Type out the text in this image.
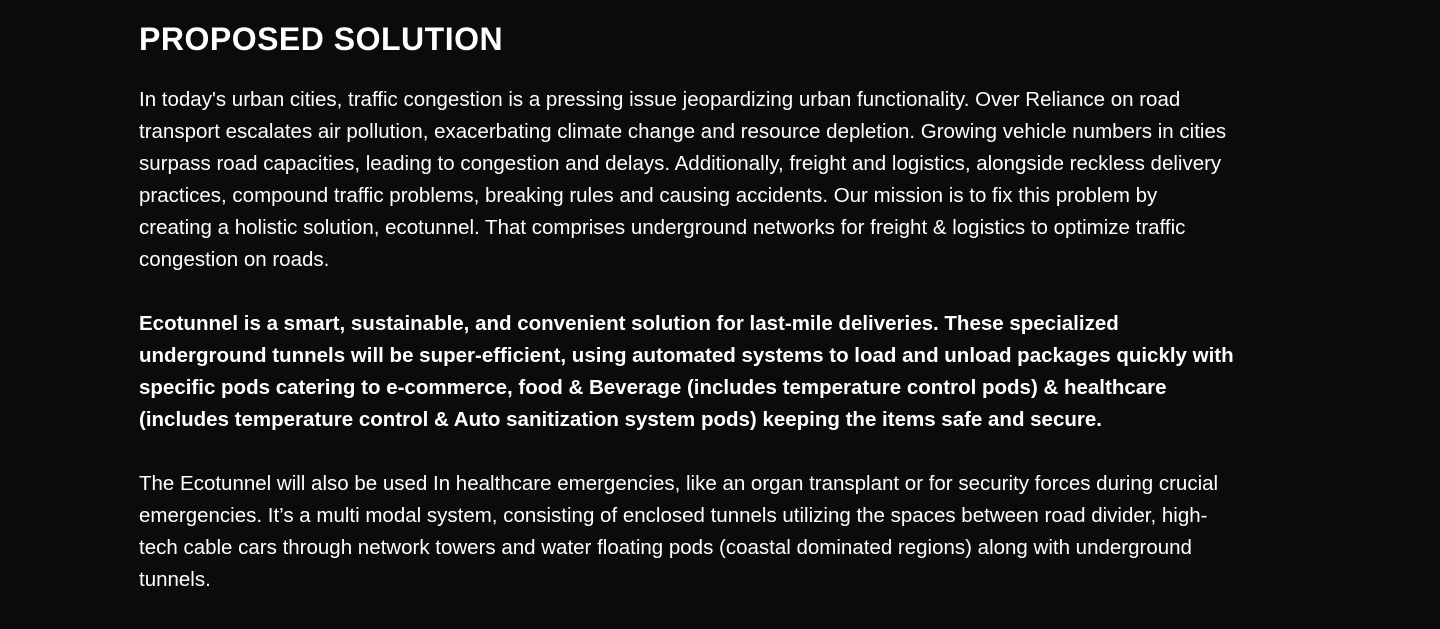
PROPOSED SOLUTION

In today's urban cities, traffic congestion is a pressing issue jeopardizing urban functionality. Over Reliance on road transport escalates air pollution, exacerbating climate change and resource depletion. Growing vehicle numbers in cities surpass road capacities, leading to congestion and delays. Additionally, freight and logistics, alongside reckless delivery practices, compound traffic problems, breaking rules and causing accidents. Our mission is to fix this problem by creating a holistic solution, ecotunnel. That comprises underground networks for freight & logistics to optimize traffic congestion on roads.

Ecotunnel is a smart, sustainable, and convenient solution for last-mile deliveries. These specialized underground tunnels will be super-efficient, using automated systems to load and unload packages quickly with specific pods catering to e-commerce, food & Beverage (includes temperature control pods) & healthcare (includes temperature control & Auto sanitization system pods) keeping the items safe and secure.

The Ecotunnel will also be used In healthcare emergencies, like an organ transplant or for security forces during crucial emergencies. It’s a multi modal system, consisting of enclosed tunnels utilizing the spaces between road divider, high-tech cable cars through network towers and water floating pods (coastal dominated regions) along with underground tunnels.
